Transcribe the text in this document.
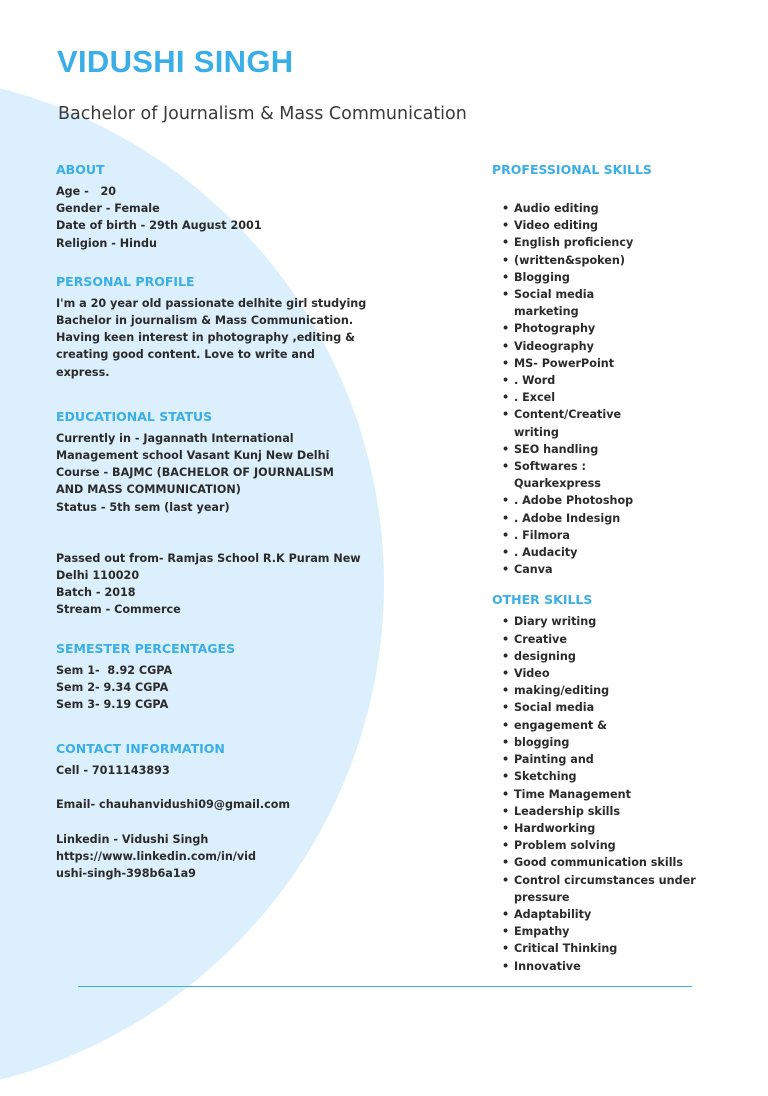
VIDUSHI SINGH
Bachelor of Journalism & Mass Communication
ABOUT
Age -   20
Gender - Female
Date of birth - 29th August 2001
Religion - Hindu
PERSONAL PROFILE
I'm a 20 year old passionate delhite girl studying
Bachelor in journalism & Mass Communication.
Having keen interest in photography ,editing &
creating good content. Love to write and
express.
EDUCATIONAL STATUS
Currently in - Jagannath International
Management school Vasant Kunj New Delhi
Course - BAJMC (BACHELOR OF JOURNALISM
AND MASS COMMUNICATION)
Status - 5th sem (last year)
Passed out from- Ramjas School R.K Puram New
Delhi 110020
Batch - 2018
Stream - Commerce
SEMESTER PERCENTAGES
Sem 1-  8.92 CGPA
Sem 2- 9.34 CGPA
Sem 3- 9.19 CGPA
CONTACT INFORMATION
Cell - 7011143893
Email- chauhanvidushi09@gmail.com
Linkedin - Vidushi Singh
https://www.linkedin.com/in/vid
ushi-singh-398b6a1a9
PROFESSIONAL SKILLS
• Audio editing
• Video editing
• English proficiency
• (written&spoken)
• Blogging
• Social media
marketing
• Photography
• Videography
• MS- PowerPoint
• . Word
• . Excel
• Content/Creative
writing
• SEO handling
• Softwares :
Quarkexpress
• . Adobe Photoshop
• . Adobe Indesign
• . Filmora
• . Audacity
• Canva
OTHER SKILLS
• Diary writing
• Creative
• designing
• Video
• making/editing
• Social media
• engagement &
• blogging
• Painting and
• Sketching
• Time Management
• Leadership skills
• Hardworking
• Problem solving
• Good communication skills
• Control circumstances under
pressure
• Adaptability
• Empathy
• Critical Thinking
• Innovative
